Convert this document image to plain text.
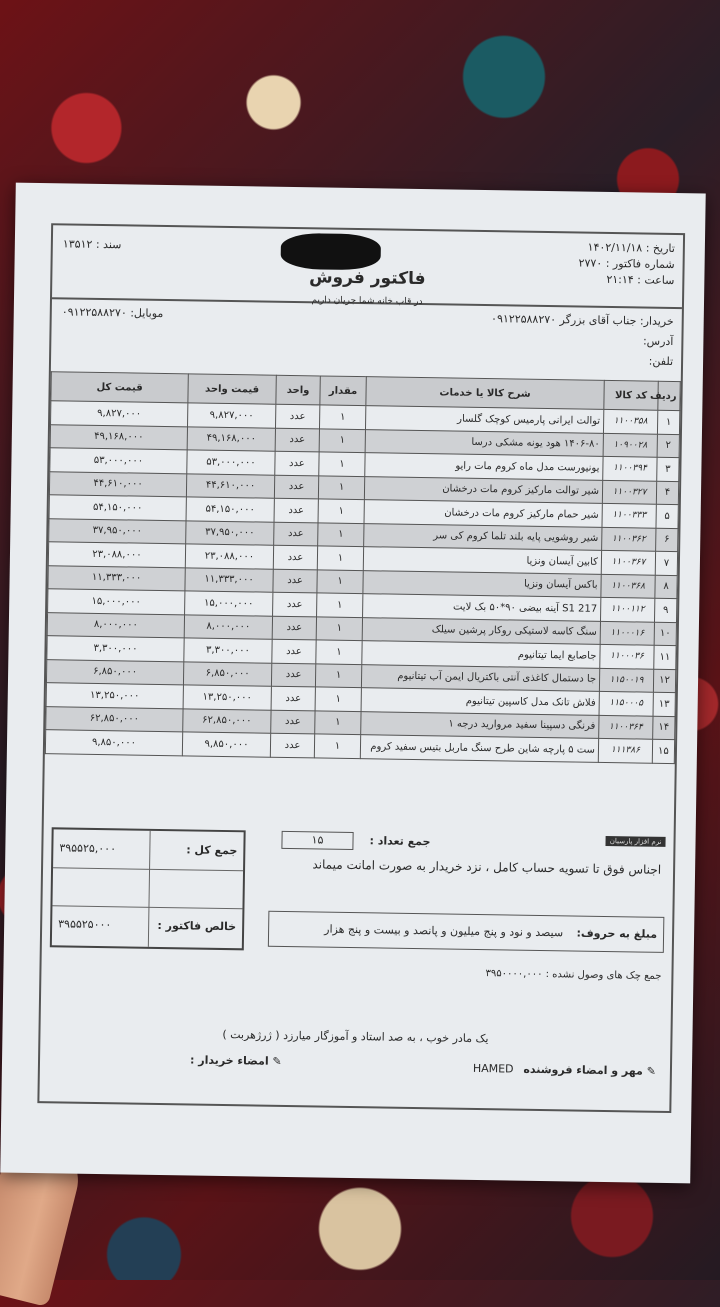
تاریخ : ۱۴۰۲/۱۱/۱۸
شماره فاکتور : ۲۷۷۰
ساعت : ۲۱:۱۴
فاکتور فروش
سند : ۱۳۵۱۲
در قاب خانه شما جریان داریم
خریدار: جناب آقای بزرگر ۰۹۱۲۲۵۸۸۲۷۰
آدرس:
تلفن:
موبایل: ۰۹۱۲۲۵۸۸۲۷۰
ردیف	کد کالا	شرح کالا یا خدمات	مقدار	واحد	قیمت واحد	قیمت کل
۱	۱۱۰۰۳۵۸	توالت ایرانی پارمیس کوچک گلسار	۱	عدد	۹,۸۲۷,۰۰۰	۹,۸۲۷,۰۰۰
۲	۱۰۹۰۰۲۸	۱۴۰۶-۸۰ هود یونه مشکی درسا	۱	عدد	۴۹,۱۶۸,۰۰۰	۴۹,۱۶۸,۰۰۰
۳	۱۱۰۰۳۹۴	یونیورست مدل ماه کروم مات رایو	۱	عدد	۵۳,۰۰۰,۰۰۰	۵۳,۰۰۰,۰۰۰
۴	۱۱۰۰۳۲۷	شیر توالت مارکیز کروم مات درخشان	۱	عدد	۴۴,۶۱۰,۰۰۰	۴۴,۶۱۰,۰۰۰
۵	۱۱۰۰۳۳۳	شیر حمام مارکیز کروم مات درخشان	۱	عدد	۵۴,۱۵۰,۰۰۰	۵۴,۱۵۰,۰۰۰
۶	۱۱۰۰۳۶۲	شیر روشویی پایه بلند تلما کروم کی سر	۱	عدد	۳۷,۹۵۰,۰۰۰	۳۷,۹۵۰,۰۰۰
۷	۱۱۰۰۳۶۷	کابین آیسان ونزیا	۱	عدد	۲۳,۰۸۸,۰۰۰	۲۳,۰۸۸,۰۰۰
۸	۱۱۰۰۳۶۸	باکس آیسان ونزیا	۱	عدد	۱۱,۳۳۳,۰۰۰	۱۱,۳۳۳,۰۰۰
۹	۱۱۰۰۱۱۲	217 S1 آینه بیضی ۹۰*۵۰ بک لایت	۱	عدد	۱۵,۰۰۰,۰۰۰	۱۵,۰۰۰,۰۰۰
۱۰	۱۱۰۰۰۱۶	سنگ کاسه لاستیکی روکار پرشین سیلک	۱	عدد	۸,۰۰۰,۰۰۰	۸,۰۰۰,۰۰۰
۱۱	۱۱۰۰۰۳۶	جاصابع ایما تیتانیوم	۱	عدد	۳,۳۰۰,۰۰۰	۳,۳۰۰,۰۰۰
۱۲	۱۱۵۰۰۱۹	جا دستمال کاغذی آنتی باکتریال ایمن آب تیتانیوم	۱	عدد	۶,۸۵۰,۰۰۰	۶,۸۵۰,۰۰۰
۱۳	۱۱۵۰۰۰۵	فلاش تانک مدل کاسپین تیتانیوم	۱	عدد	۱۳,۲۵۰,۰۰۰	۱۳,۲۵۰,۰۰۰
۱۴	۱۱۰۰۳۶۴	فرنگی دسپینا سفید مروارید درجه ۱	۱	عدد	۶۲,۸۵۰,۰۰۰	۶۲,۸۵۰,۰۰۰
۱۵	۱۱۱۳۸۶	ست ۵ پارچه شاین طرح سنگ ماربل بتیس سفید کروم	۱	عدد	۹,۸۵۰,۰۰۰	۹,۸۵۰,۰۰۰
نرم افزار پارسیان
جمع تعداد :
۱۵
اجناس فوق تا تسویه حساب کامل ، نزد خریدار به صورت امانت میماند
مبلغ به حروف:
سیصد و نود و پنج میلیون و پانصد و بیست و پنج هزار
جمع کل :
۳۹۵۵۲۵,۰۰۰
خالص فاکتور :
۳۹۵۵۲۵۰۰۰
جمع چک های وصول نشده : ۳۹۵۰۰۰۰,۰۰۰
یک مادر خوب ، به صد استاد و آموزگار میارزد ( ژرژهربت )
✎ مهر و امضاء فروشنده HAMED
✎ امضاء خریدار :
